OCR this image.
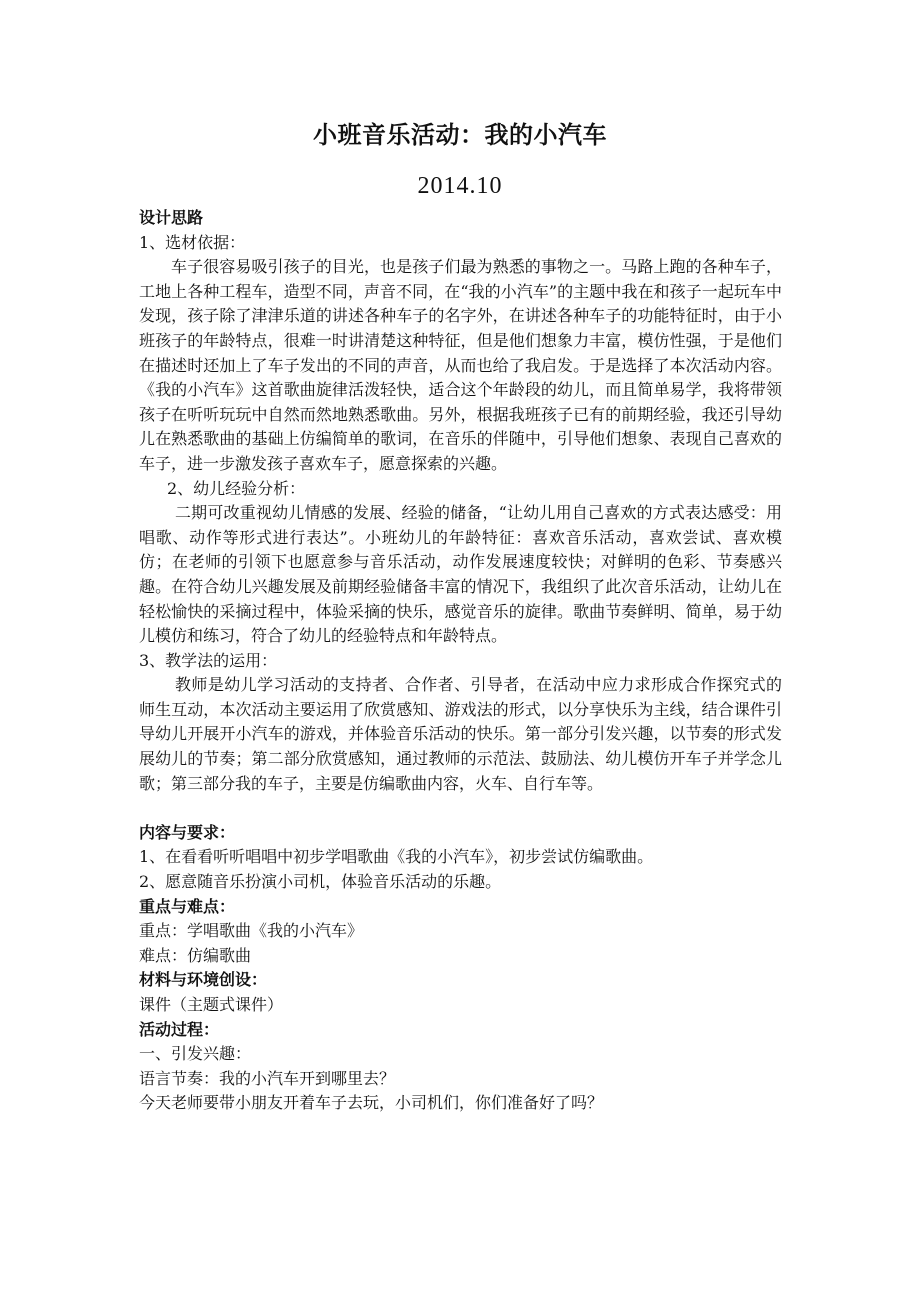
小班音乐活动：我的小汽车
2014.10

设计思路

1、选材依据：

车子很容易吸引孩子的目光，也是孩子们最为熟悉的事物之一。马路上跑的各种车子，工地上各种工程车，造型不同，声音不同，在“我的小汽车”的主题中我在和孩子一起玩车中发现，孩子除了津津乐道的讲述各种车子的名字外，在讲述各种车子的功能特征时，由于小班孩子的年龄特点，很难一时讲清楚这种特征，但是他们想象力丰富，模仿性强，于是他们在描述时还加上了车子发出的不同的声音，从而也给了我启发。于是选择了本次活动内容。《我的小汽车》这首歌曲旋律活泼轻快，适合这个年龄段的幼儿，而且简单易学，我将带领孩子在听听玩玩中自然而然地熟悉歌曲。另外，根据我班孩子已有的前期经验，我还引导幼儿在熟悉歌曲的基础上仿编简单的歌词，在音乐的伴随中，引导他们想象、表现自己喜欢的车子，进一步激发孩子喜欢车子，愿意探索的兴趣。

2、幼儿经验分析：

二期可改重视幼儿情感的发展、经验的储备，“让幼儿用自己喜欢的方式表达感受：用唱歌、动作等形式进行表达”。小班幼儿的年龄特征：喜欢音乐活动，喜欢尝试、喜欢模仿；在老师的引领下也愿意参与音乐活动，动作发展速度较快；对鲜明的色彩、节奏感兴趣。在符合幼儿兴趣发展及前期经验储备丰富的情况下，我组织了此次音乐活动，让幼儿在轻松愉快的采摘过程中，体验采摘的快乐，感觉音乐的旋律。歌曲节奏鲜明、简单，易于幼儿模仿和练习，符合了幼儿的经验特点和年龄特点。

3、教学法的运用：

教师是幼儿学习活动的支持者、合作者、引导者，在活动中应力求形成合作探究式的师生互动，本次活动主要运用了欣赏感知、游戏法的形式，以分享快乐为主线，结合课件引导幼儿开展开小汽车的游戏，并体验音乐活动的快乐。第一部分引发兴趣，以节奏的形式发展幼儿的节奏；第二部分欣赏感知，通过教师的示范法、鼓励法、幼儿模仿开车子并学念儿歌；第三部分我的车子，主要是仿编歌曲内容，火车、自行车等。

内容与要求：

1、在看看听听唱唱中初步学唱歌曲《我的小汽车》，初步尝试仿编歌曲。

2、愿意随音乐扮演小司机，体验音乐活动的乐趣。

重点与难点：

重点：学唱歌曲《我的小汽车》

难点：仿编歌曲

材料与环境创设：

课件（主题式课件）

活动过程：

一、引发兴趣：

语言节奏：我的小汽车开到哪里去？

今天老师要带小朋友开着车子去玩，小司机们，你们准备好了吗？
